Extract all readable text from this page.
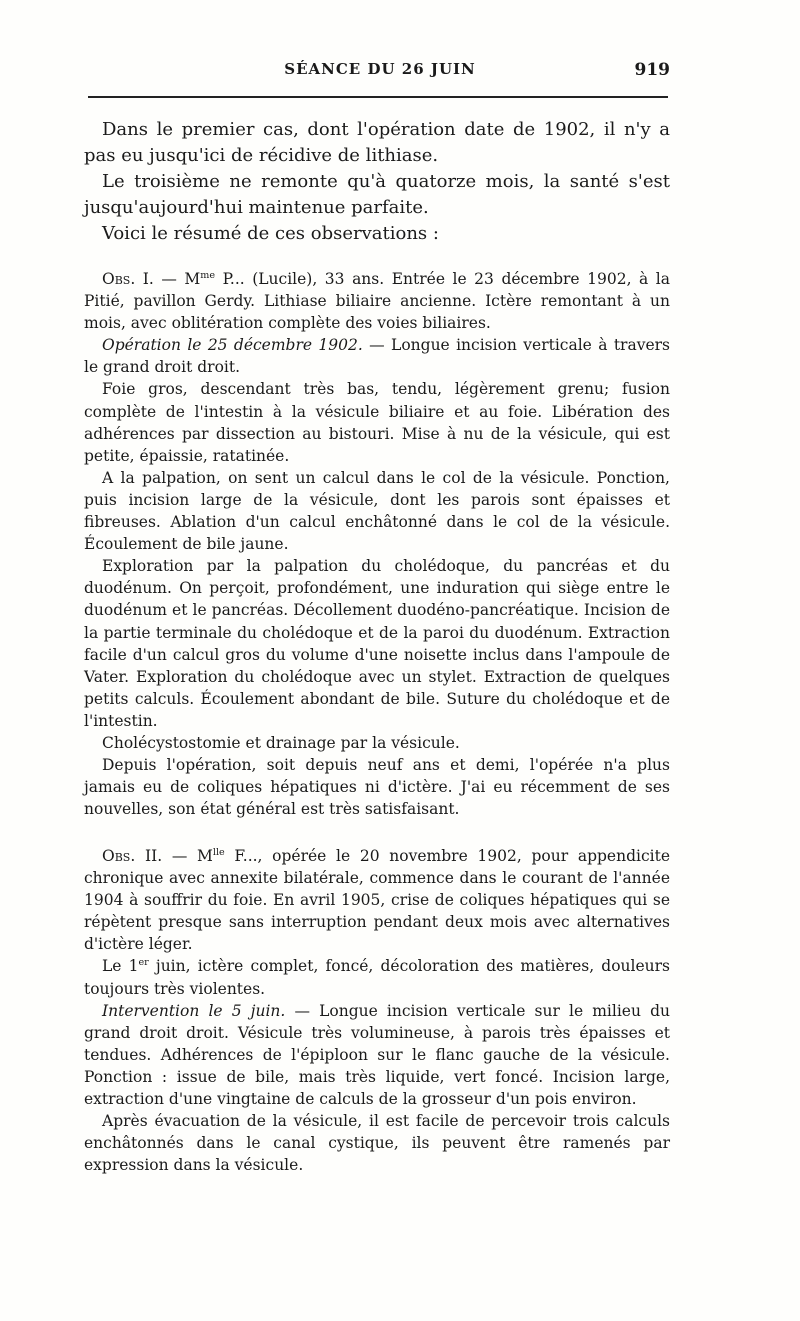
SÉANCE DU 26 JUIN	919

Dans le premier cas, dont l'opération date de 1902, il n'y a pas eu jusqu'ici de récidive de lithiase.

Le troisième ne remonte qu'à quatorze mois, la santé s'est jusqu'aujourd'hui maintenue parfaite.

Voici le résumé de ces observations :

Obs. I. — $M^{me}$ P... (Lucile), 33 ans. Entrée le 23 décembre 1902, à la Pitié, pavillon Gerdy. Lithiase biliaire ancienne. Ictère remontant à un mois, avec oblitération complète des voies biliaires.

Opération le 25 décembre 1902. — Longue incision verticale à travers le grand droit droit.

Foie gros, descendant très bas, tendu, légèrement grenu; fusion complète de l'intestin à la vésicule biliaire et au foie. Libération des adhérences par dissection au bistouri. Mise à nu de la vésicule, qui est petite, épaissie, ratatinée.

A la palpation, on sent un calcul dans le col de la vésicule. Ponction, puis incision large de la vésicule, dont les parois sont épaisses et fibreuses. Ablation d'un calcul enchâtonné dans le col de la vésicule. Écoulement de bile jaune.

Exploration par la palpation du cholédoque, du pancréas et du duodénum. On perçoit, profondément, une induration qui siège entre le duodénum et le pancréas. Décollement duodéno-pancréatique. Incision de la partie terminale du cholédoque et de la paroi du duodénum. Extraction facile d'un calcul gros du volume d'une noisette inclus dans l'ampoule de Vater. Exploration du cholédoque avec un stylet. Extraction de quelques petits calculs. Écoulement abondant de bile. Suture du cholédoque et de l'intestin.

Cholécystostomie et drainage par la vésicule.

Depuis l'opération, soit depuis neuf ans et demi, l'opérée n'a plus jamais eu de coliques hépatiques ni d'ictère. J'ai eu récemment de ses nouvelles, son état général est très satisfaisant.

Obs. II. — $M^{lle}$ F..., opérée le 20 novembre 1902, pour appendicite chronique avec annexite bilatérale, commence dans le courant de l'année 1904 à souffrir du foie. En avril 1905, crise de coliques hépatiques qui se répètent presque sans interruption pendant deux mois avec alternatives d'ictère léger.

Le 1er juin, ictère complet, foncé, décoloration des matières, douleurs toujours très violentes.

Intervention le 5 juin. — Longue incision verticale sur le milieu du grand droit droit. Vésicule très volumineuse, à parois très épaisses et tendues. Adhérences de l'épiploon sur le flanc gauche de la vésicule. Ponction : issue de bile, mais très liquide, vert foncé. Incision large, extraction d'une vingtaine de calculs de la grosseur d'un pois environ.

Après évacuation de la vésicule, il est facile de percevoir trois calculs enchâtonnés dans le canal cystique, ils peuvent être ramenés par expression dans la vésicule.
